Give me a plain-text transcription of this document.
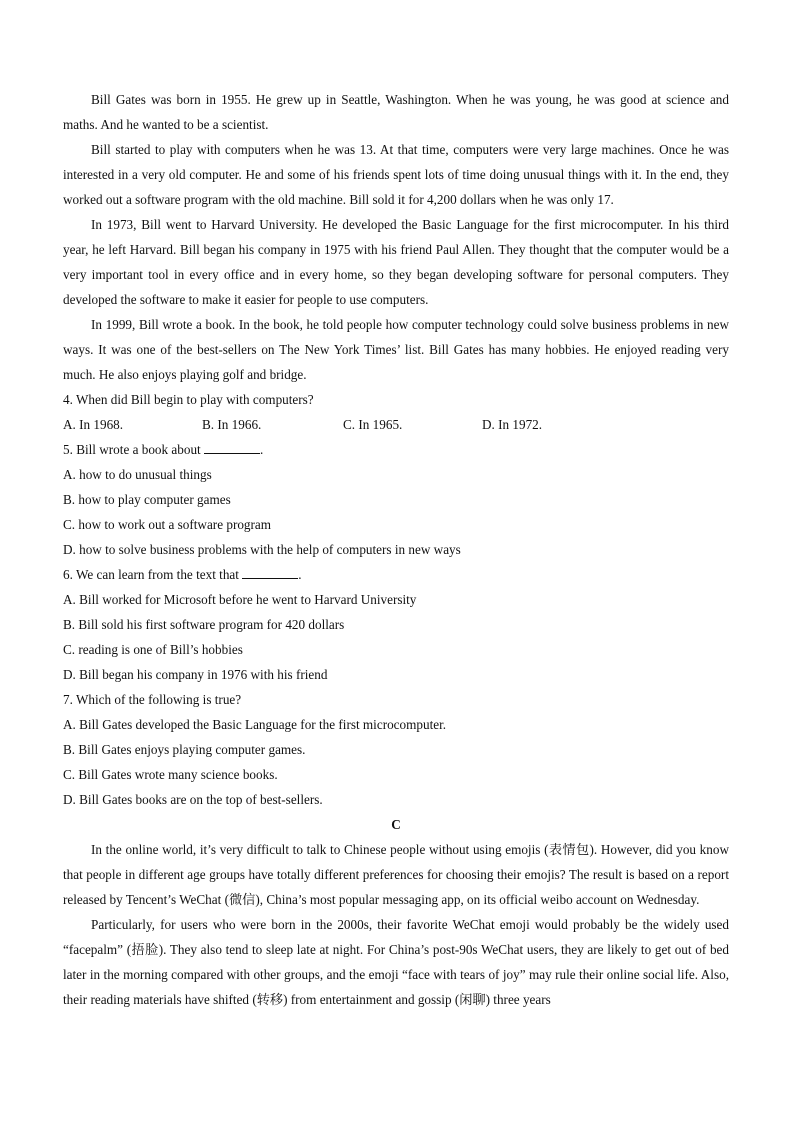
Bill Gates was born in 1955. He grew up in Seattle, Washington. When he was young, he was good at science and maths. And he wanted to be a scientist.

Bill started to play with computers when he was 13. At that time, computers were very large machines. Once he was interested in a very old computer. He and some of his friends spent lots of time doing unusual things with it. In the end, they worked out a software program with the old machine. Bill sold it for 4,200 dollars when he was only 17.

In 1973, Bill went to Harvard University. He developed the Basic Language for the first microcomputer. In his third year, he left Harvard. Bill began his company in 1975 with his friend Paul Allen. They thought that the computer would be a very important tool in every office and in every home, so they began developing software for personal computers. They developed the software to make it easier for people to use computers.

In 1999, Bill wrote a book. In the book, he told people how computer technology could solve business problems in new ways. It was one of the best-sellers on The New York Times’ list. Bill Gates has many hobbies. He enjoyed reading very much. He also enjoys playing golf and bridge.

4. When did Bill begin to play with computers?

A. In 1968.	B. In 1966.	C. In 1965.	D. In 1972.

5. Bill wrote a book about	.

A. how to do unusual things

B. how to play computer games

C. how to work out a software program

D. how to solve business problems with the help of computers in new ways

6. We can learn from the text that	.

A. Bill worked for Microsoft before he went to Harvard University

B. Bill sold his first software program for 420 dollars

C. reading is one of Bill’s hobbies

D. Bill began his company in 1976 with his friend

7. Which of the following is true?

A. Bill Gates developed the Basic Language for the first microcomputer.

B. Bill Gates enjoys playing computer games.

C. Bill Gates wrote many science books.

D. Bill Gates books are on the top of best-sellers.

C

In the online world, it’s very difficult to talk to Chinese people without using emojis (表情包). However, did you know that people in different age groups have totally different preferences for choosing their emojis? The result is based on a report released by Tencent’s WeChat (微信), China’s most popular messaging app, on its official weibo account on Wednesday.

Particularly, for users who were born in the 2000s, their favorite WeChat emoji would probably be the widely used “facepalm” (捂脸). They also tend to sleep late at night. For China’s post-90s WeChat users, they are likely to get out of bed later in the morning compared with other groups, and the emoji “face with tears of joy” may rule their online social life. Also, their reading materials have shifted (转移) from entertainment and gossip (闲聊) three years
